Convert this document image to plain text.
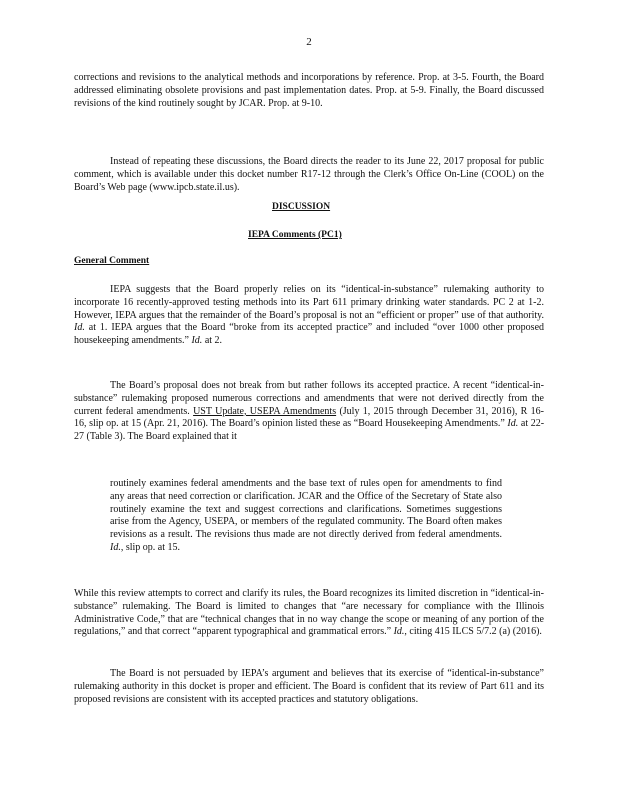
2

corrections and revisions to the analytical methods and incorporations by reference. Prop. at 3-5. Fourth, the Board addressed eliminating obsolete provisions and past implementation dates. Prop. at 5-9. Finally, the Board discussed revisions of the kind routinely sought by JCAR. Prop. at 9-10.

Instead of repeating these discussions, the Board directs the reader to its June 22, 2017 proposal for public comment, which is available under this docket number R17-12 through the Clerk’s Office On-Line (COOL) on the Board’s Web page (www.ipcb.state.il.us).

DISCUSSION
IEPA Comments (PC1)
General Comment

IEPA suggests that the Board properly relies on its “identical-in-substance” rulemaking authority to incorporate 16 recently-approved testing methods into its Part 611 primary drinking water standards. PC 2 at 1-2. However, IEPA argues that the remainder of the Board’s proposal is not an “efficient or proper” use of that authority. Id. at 1. IEPA argues that the Board “broke from its accepted practice” and included “over 1000 other proposed housekeeping amendments.” Id. at 2.

The Board’s proposal does not break from but rather follows its accepted practice. A recent “identical-in-substance” rulemaking proposed numerous corrections and amendments that were not derived directly from the current federal amendments. UST Update, USEPA Amendments (July 1, 2015 through December 31, 2016), R 16-16, slip op. at 15 (Apr. 21, 2016). The Board’s opinion listed these as “Board Housekeeping Amendments.” Id. at 22-27 (Table 3). The Board explained that it

routinely examines federal amendments and the base text of rules open for amendments to find any areas that need correction or clarification. JCAR and the Office of the Secretary of State also routinely examine the text and suggest corrections and clarifications. Sometimes suggestions arise from the Agency, USEPA, or members of the regulated community. The Board often makes revisions as a result. The revisions thus made are not directly derived from federal amendments. Id., slip op. at 15.

While this review attempts to correct and clarify its rules, the Board recognizes its limited discretion in “identical-in-substance” rulemaking. The Board is limited to changes that “are necessary for compliance with the Illinois Administrative Code,” that are “technical changes that in no way change the scope or meaning of any portion of the regulations,” and that correct “apparent typographical and grammatical errors.” Id., citing 415 ILCS 5/7.2 (a) (2016).

The Board is not persuaded by IEPA’s argument and believes that its exercise of “identical-in-substance” rulemaking authority in this docket is proper and efficient. The Board is confident that its review of Part 611 and its proposed revisions are consistent with its accepted practices and statutory obligations.
